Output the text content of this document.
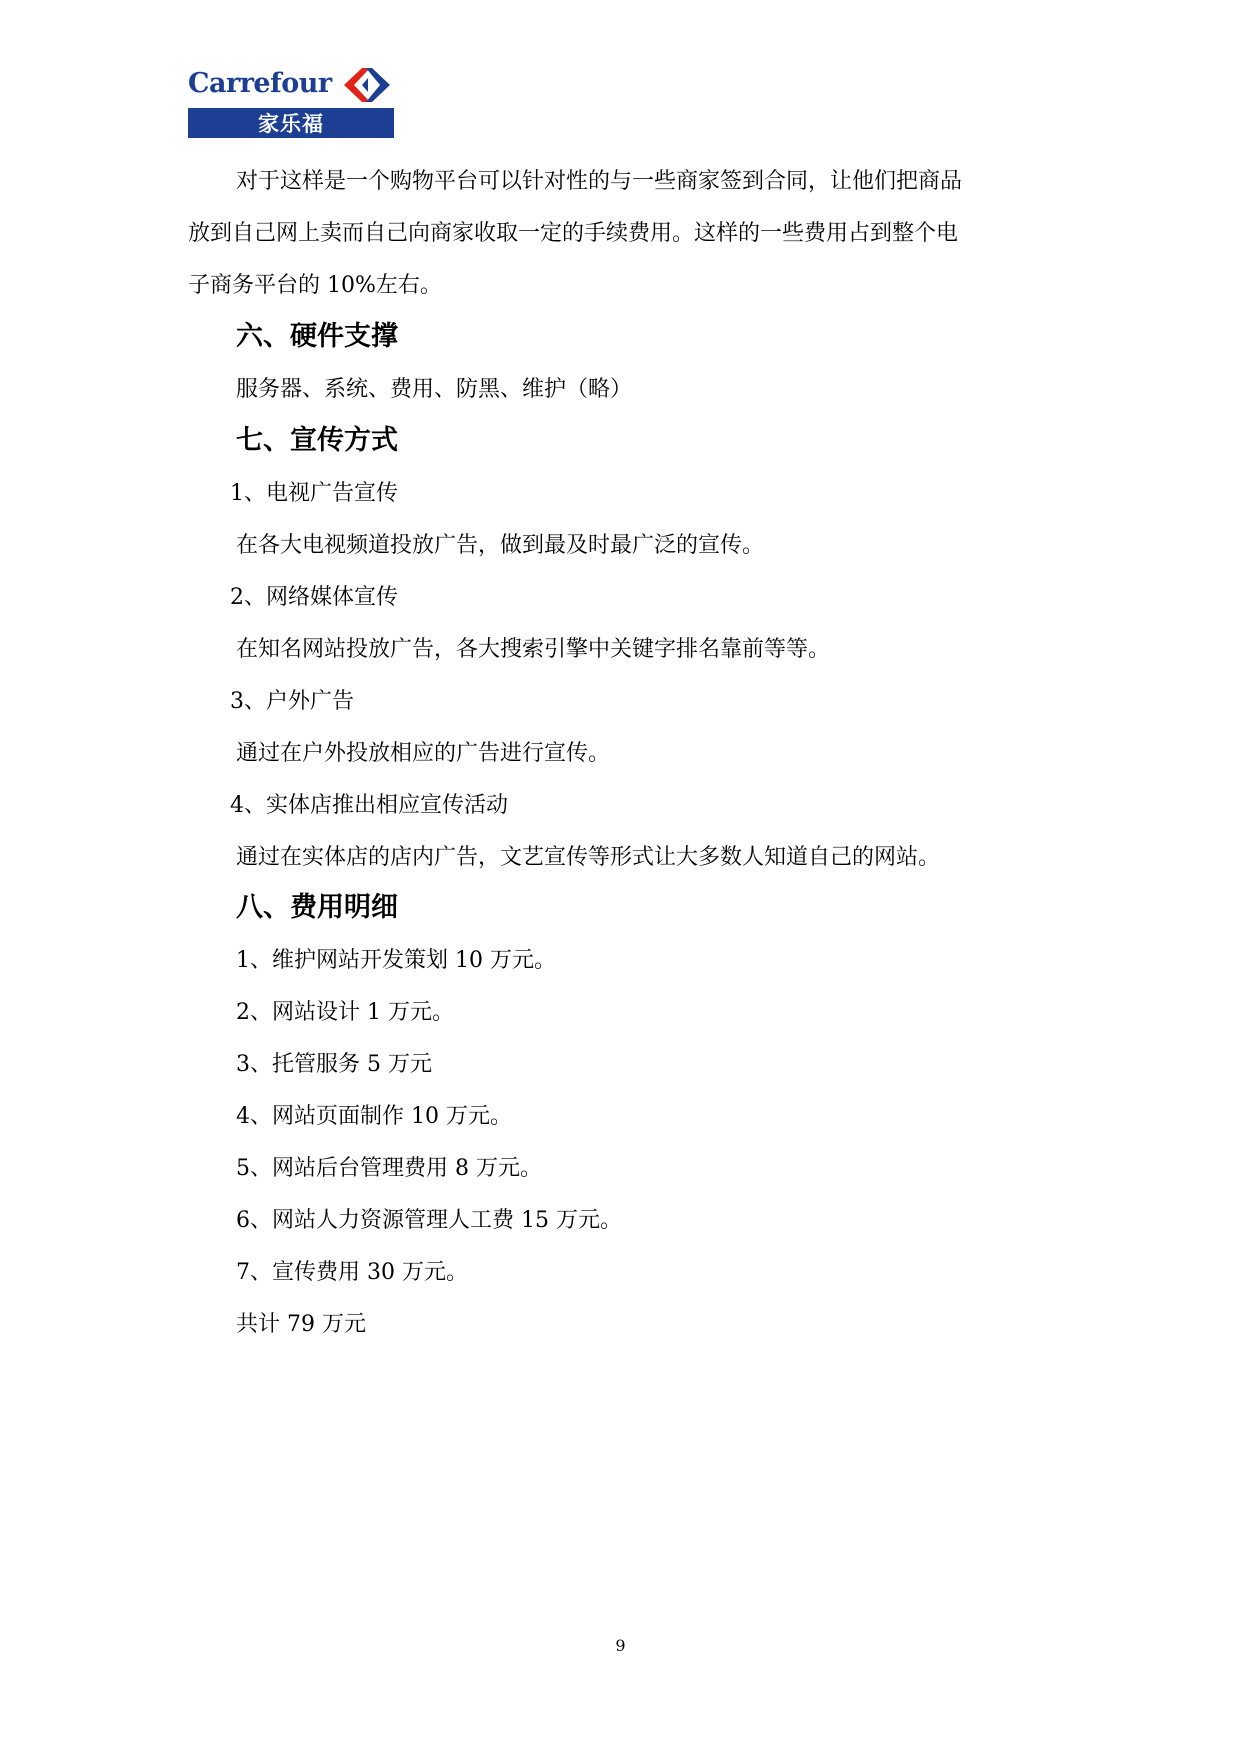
Carrefour
家乐福
对于这样是一个购物平台可以针对性的与一些商家签到合同，让他们把商品
放到自己网上卖而自己向商家收取一定的手续费用。这样的一些费用占到整个电
子商务平台的 10%左右。
六、硬件支撑
服务器、系统、费用、防黑、维护（略）
七、宣传方式
1、电视广告宣传
在各大电视频道投放广告，做到最及时最广泛的宣传。
2、网络媒体宣传
在知名网站投放广告，各大搜索引擎中关键字排名靠前等等。
3、户外广告
通过在户外投放相应的广告进行宣传。
4、实体店推出相应宣传活动
通过在实体店的店内广告，文艺宣传等形式让大多数人知道自己的网站。
八、费用明细
1、维护网站开发策划 10 万元。
2、网站设计 1 万元。
3、托管服务 5 万元
4、网站页面制作 10 万元。
5、网站后台管理费用 8 万元。
6、网站人力资源管理人工费 15 万元。
7、宣传费用 30 万元。
共计 79 万元
9
